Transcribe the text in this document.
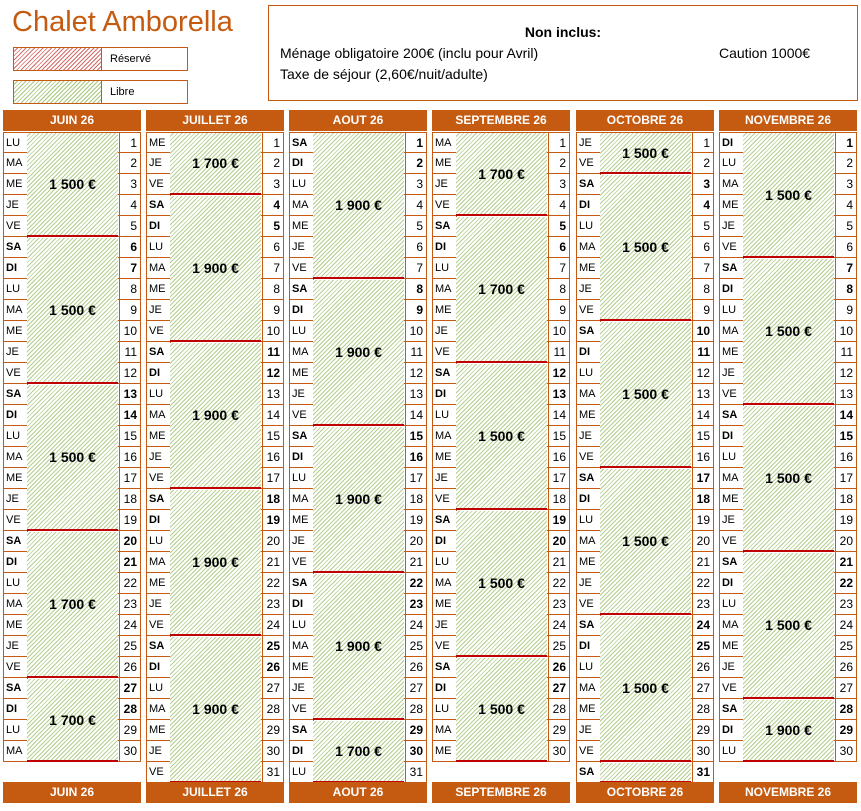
Chalet Amborella
Réservé
Libre
Non inclus:
Ménage obligatoire 200€ (inclu pour Avril)
Taxe de séjour (2,60€/nuit/adulte)
Caution 1000€
JUIN 26
LU	1
MA	2
ME	3
JE	4
VE	5
SA	6
DI	7
LU	8
MA	9
ME	10
JE	11
VE	12
SA	13
DI	14
LU	15
MA	16
ME	17
JE	18
VE	19
SA	20
DI	21
LU	22
MA	23
ME	24
JE	25
VE	26
SA	27
DI	28
LU	29
MA	30
1 500 €
1 500 €
1 500 €
1 700 €
1 700 €
JUIN 26
JUILLET 26
ME	1
JE	2
VE	3
SA	4
DI	5
LU	6
MA	7
ME	8
JE	9
VE	10
SA	11
DI	12
LU	13
MA	14
ME	15
JE	16
VE	17
SA	18
DI	19
LU	20
MA	21
ME	22
JE	23
VE	24
SA	25
DI	26
LU	27
MA	28
ME	29
JE	30
VE	31
1 700 €
1 900 €
1 900 €
1 900 €
1 900 €
JUILLET 26
AOUT 26
SA	1
DI	2
LU	3
MA	4
ME	5
JE	6
VE	7
SA	8
DI	9
LU	10
MA	11
ME	12
JE	13
VE	14
SA	15
DI	16
LU	17
MA	18
ME	19
JE	20
VE	21
SA	22
DI	23
LU	24
MA	25
ME	26
JE	27
VE	28
SA	29
DI	30
LU	31
1 900 €
1 900 €
1 900 €
1 900 €
1 700 €
AOUT 26
SEPTEMBRE 26
MA	1
ME	2
JE	3
VE	4
SA	5
DI	6
LU	7
MA	8
ME	9
JE	10
VE	11
SA	12
DI	13
LU	14
MA	15
ME	16
JE	17
VE	18
SA	19
DI	20
LU	21
MA	22
ME	23
JE	24
VE	25
SA	26
DI	27
LU	28
MA	29
ME	30
1 700 €
1 700 €
1 500 €
1 500 €
1 500 €
SEPTEMBRE 26
OCTOBRE 26
JE	1
VE	2
SA	3
DI	4
LU	5
MA	6
ME	7
JE	8
VE	9
SA	10
DI	11
LU	12
MA	13
ME	14
JE	15
VE	16
SA	17
DI	18
LU	19
MA	20
ME	21
JE	22
VE	23
SA	24
DI	25
LU	26
MA	27
ME	28
JE	29
VE	30
SA	31
1 500 €
1 500 €
1 500 €
1 500 €
1 500 €
OCTOBRE 26
NOVEMBRE 26
DI	1
LU	2
MA	3
ME	4
JE	5
VE	6
SA	7
DI	8
LU	9
MA	10
ME	11
JE	12
VE	13
SA	14
DI	15
LU	16
MA	17
ME	18
JE	19
VE	20
SA	21
DI	22
LU	23
MA	24
ME	25
JE	26
VE	27
SA	28
DI	29
LU	30
1 500 €
1 500 €
1 500 €
1 500 €
1 900 €
NOVEMBRE 26
